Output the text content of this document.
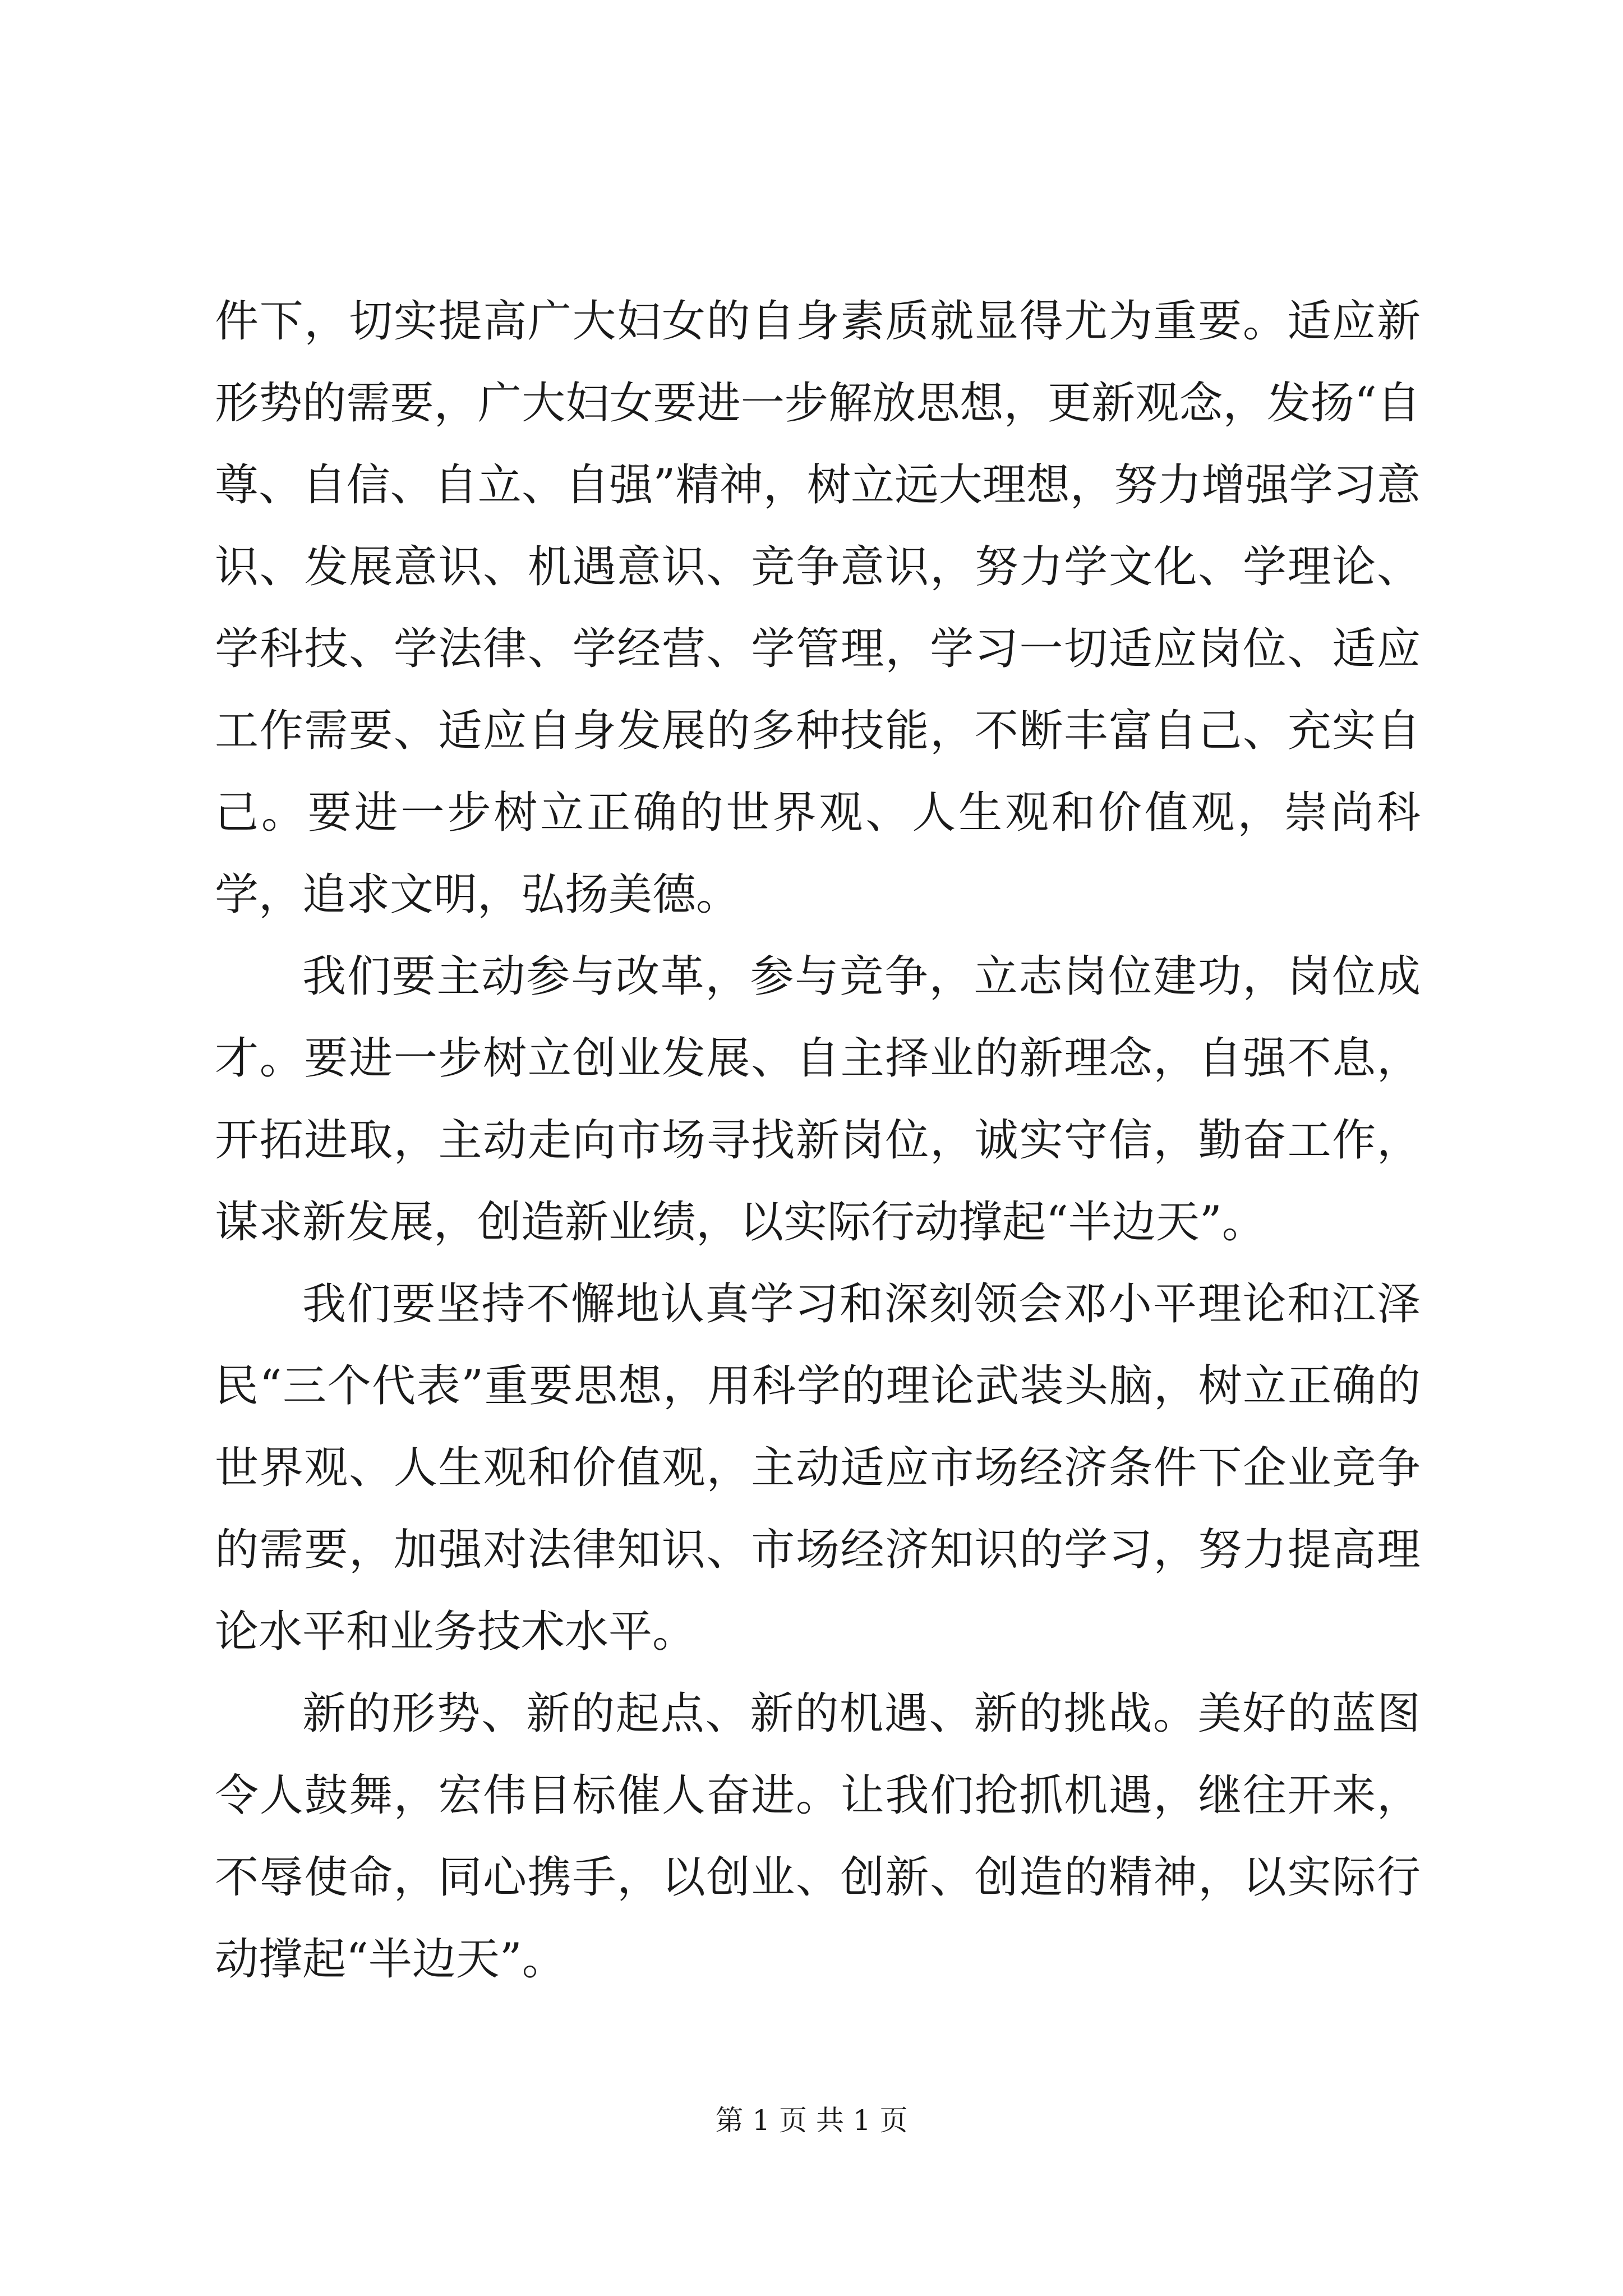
件下，切实提高广大妇女的自身素质就显得尤为重要。适应新形势的需要，广大妇女要进一步解放思想，更新观念，发扬“自尊、自信、自立、自强”精神，树立远大理想，努力增强学习意识、发展意识、机遇意识、竞争意识，努力学文化、学理论、学科技、学法律、学经营、学管理，学习一切适应岗位、适应工作需要、适应自身发展的多种技能，不断丰富自己、充实自己。要进一步树立正确的世界观、人生观和价值观，崇尚科学，追求文明，弘扬美德。

我们要主动参与改革，参与竞争，立志岗位建功，岗位成才。要进一步树立创业发展、自主择业的新理念，自强不息，开拓进取，主动走向市场寻找新岗位，诚实守信，勤奋工作，谋求新发展，创造新业绩，以实际行动撑起“半边天”。

我们要坚持不懈地认真学习和深刻领会邓小平理论和江泽民“三个代表”重要思想，用科学的理论武装头脑，树立正确的世界观、人生观和价值观，主动适应市场经济条件下企业竞争的需要，加强对法律知识、市场经济知识的学习，努力提高理论水平和业务技术水平。

新的形势、新的起点、新的机遇、新的挑战。美好的蓝图令人鼓舞，宏伟目标催人奋进。让我们抢抓机遇，继往开来，不辱使命，同心携手，以创业、创新、创造的精神，以实际行动撑起“半边天”。

第 1 页 共 1 页
